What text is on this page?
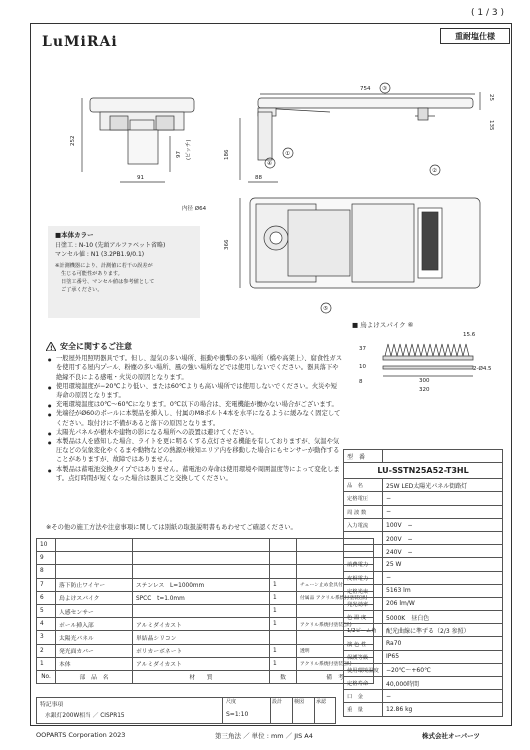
( 1 / 3 )
LuMiRAi	重耐塩仕様
754 ③
25
135
①
186
④
88
252
97 (ピッチ)
91
②
⑤
内径 Ø64
366
■ 鳥よけスパイク ⑥
15.6
37
10
8
2-Ø4.5
300
320
■本体カラー
日塗工 : N-10 (先頭アルファベット省略)
マンセル値 : N1 (3.2PB1.9/0.1)
※計測機器により、計測値に若干の誤差が
生じる可能性があります。
日塗工番号、マンセル値は参考値として
ご了承ください。
! 安全に関するご注意
● 一般屋外用照明器具です。但し、湿気の多い場所、振動や衝撃の多い場所（橋や高架上）、腐食性ガスを使用する屋内プール、粉塵の多い場所、風の強い場所などでは使用しないでください。器具落下や絶縁不良による感電・火災の原因となります。
● 使用環境温度が−20℃より低い、または60℃よりも高い場所では使用しないでください。火災や短寿命の原因となります。
● 充電環境温度は0℃〜60℃になります。0℃以下の場合は、充電機能が働かない場合がございます。
● 先端径がØ60のポールに本製品を挿入し、付属のM8ボルト4本を水平になるように緩みなく固定してください。取付けに不備があると落下の原因となります。
● 太陽光パネルが樹木や建物の影になる場所への設置は避けてください。
● 本製品は人を感知した場合、ライトを更に明るくする点灯させる機能を有しておりますが、気温や気圧などの気象変化やくるまや動物などの熱源が検知エリア内を移動した場合にもセンサーが動作することがありますが、故障ではありません。
● 本製品は蓄電池交換タイプではありません。蓄電池の寿命は使用環境や周囲温度等によって変化します。点灯時間が短くなった場合は器具ごと交換してください。
※その他の施工方法や注意事項に関しては別紙の取扱説明書もあわせてご確認ください。
10				
9				
8				
7	落下防止ワイヤー	ステンレス　L=1000mm	1	チェーン止め金具付
6	鳥よけスパイク	SPCC　t=1.0mm	1	付属品 アクリル系焼付塗装(黒)
5	人感センサー		1	
4	ポール挿入部	アルミダイカスト	1	アクリル系焼付塗装(黒)
3	太陽光パネル	単結晶シリコン		
2	発光面カバー	ポリカーボネート	1	透明
1	本体	アルミダイカスト	1	アクリル系焼付塗装(黒)
No.	部　品　名	材　　質	数	備　考
特記事項
水銀灯200W相当 ／ CISPR15
尺度
S=1:10
設計	検図	承認
型　番	
LU-SSTN25A52-T3HL	
品　名	25W LED太陽光パネル街路灯
定格電圧	−
周 波 数	−
入力電流	100V　−
	200V　−
	240V　−
消費電力	25 W
皮相電力	−
定格光束	5163 lm
発光効率	206 lm/W
色 温 度	5000K　昼白色
1/2ビーム角	配光曲線に準ずる（2/3 参照）
演 色 性	Ra70
保護等級	IP65
使用環境温度	−20℃〜+60℃
定格寿命	40,000時間
口　金	−
重　量	12.86 kg
OOPARTS Corporation 2023	第三角法 ／ 単位 : mm ／ JIS A4	株式会社オーパーツ
